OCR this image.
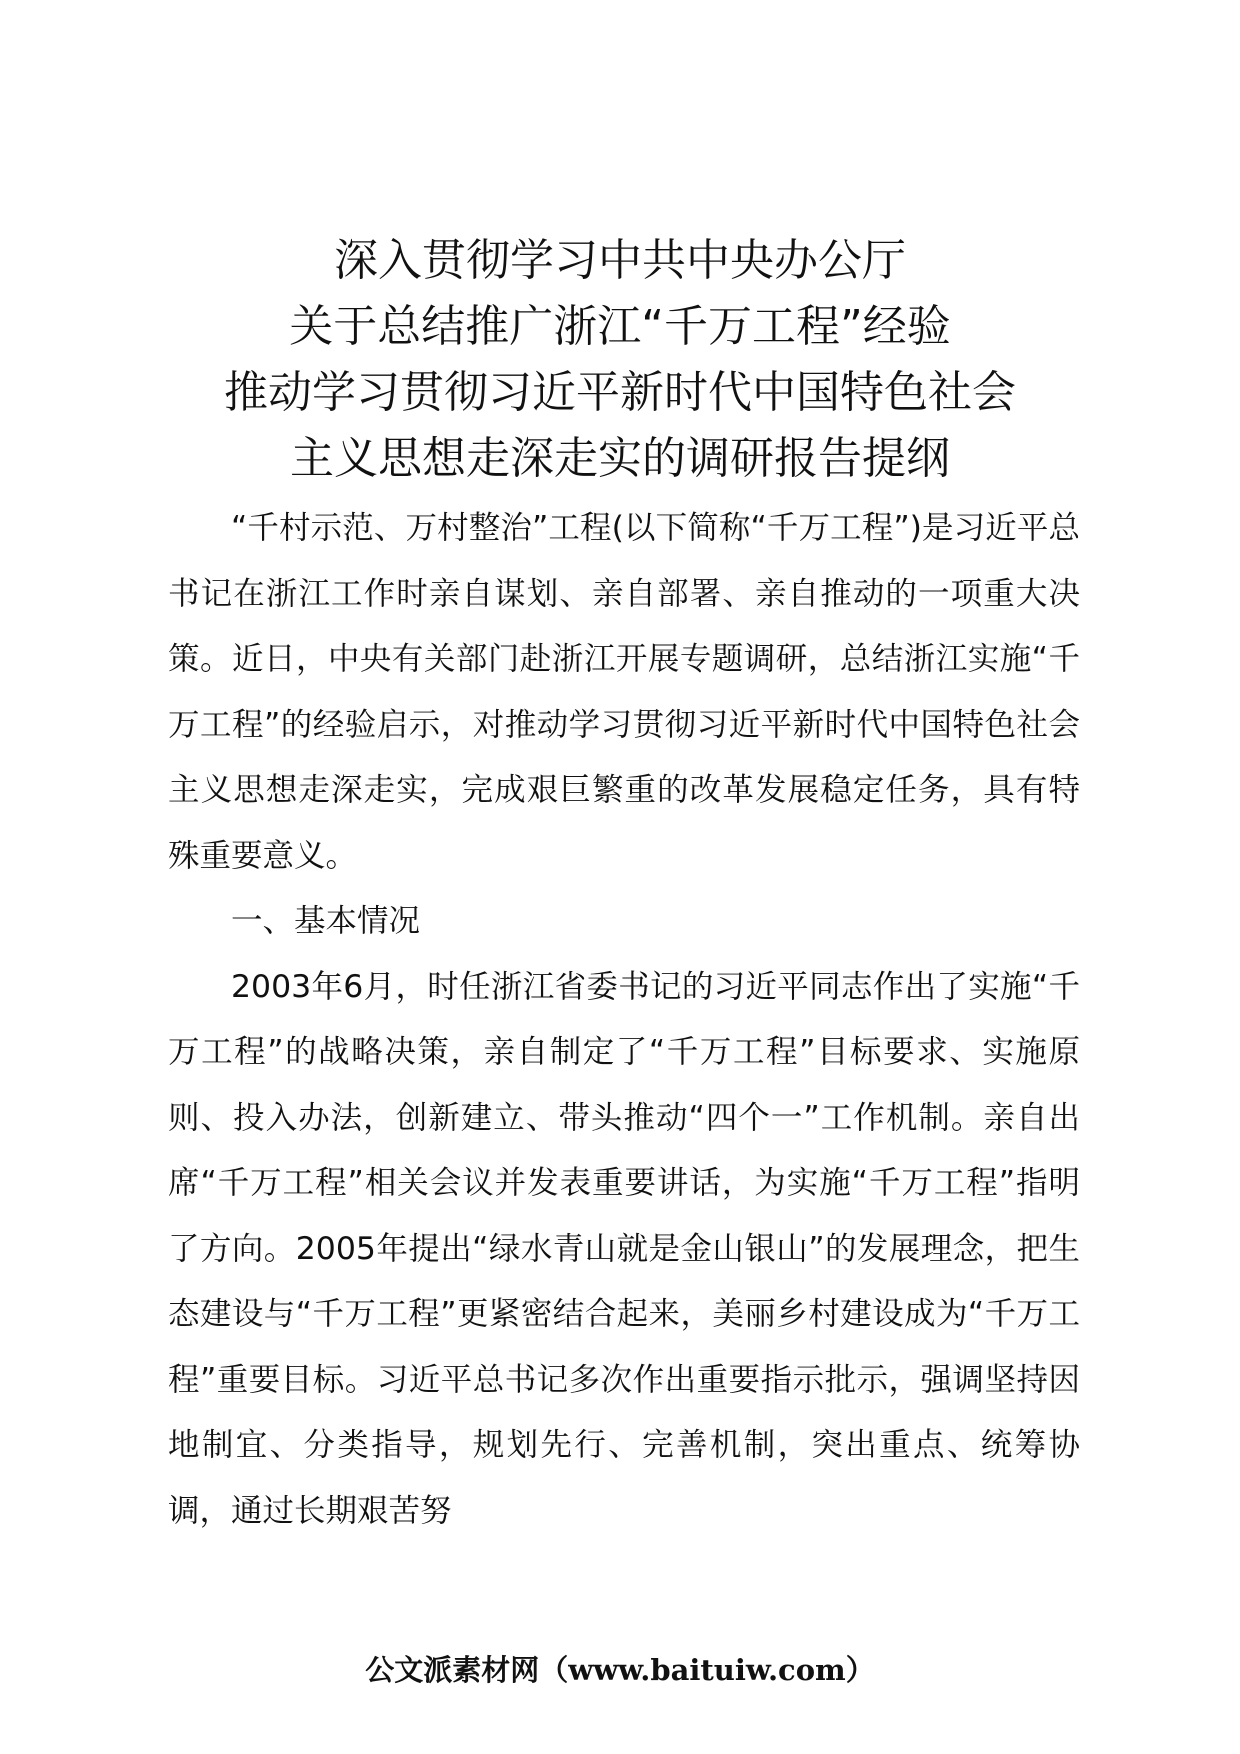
深入贯彻学习中共中央办公厅
关于总结推广浙江“千万工程”经验
推动学习贯彻习近平新时代中国特色社会
主义思想走深走实的调研报告提纲

“千村示范、万村整治”工程(以下简称“千万工程”)是习近平总书记在浙江工作时亲自谋划、亲自部署、亲自推动的一项重大决策。近日，中央有关部门赴浙江开展专题调研，总结浙江实施“千万工程”的经验启示，对推动学习贯彻习近平新时代中国特色社会主义思想走深走实，完成艰巨繁重的改革发展稳定任务，具有特殊重要意义。

一、基本情况

2003年6月，时任浙江省委书记的习近平同志作出了实施“千万工程”的战略决策，亲自制定了“千万工程”目标要求、实施原则、投入办法，创新建立、带头推动“四个一”工作机制。亲自出席“千万工程”相关会议并发表重要讲话，为实施“千万工程”指明了方向。2005年提出“绿水青山就是金山银山”的发展理念，把生态建设与“千万工程”更紧密结合起来，美丽乡村建设成为“千万工程”重要目标。习近平总书记多次作出重要指示批示，强调坚持因地制宜、分类指导，规划先行、完善机制，突出重点、统筹协调，通过长期艰苦努

公文派素材网（www.baituiw.com）
